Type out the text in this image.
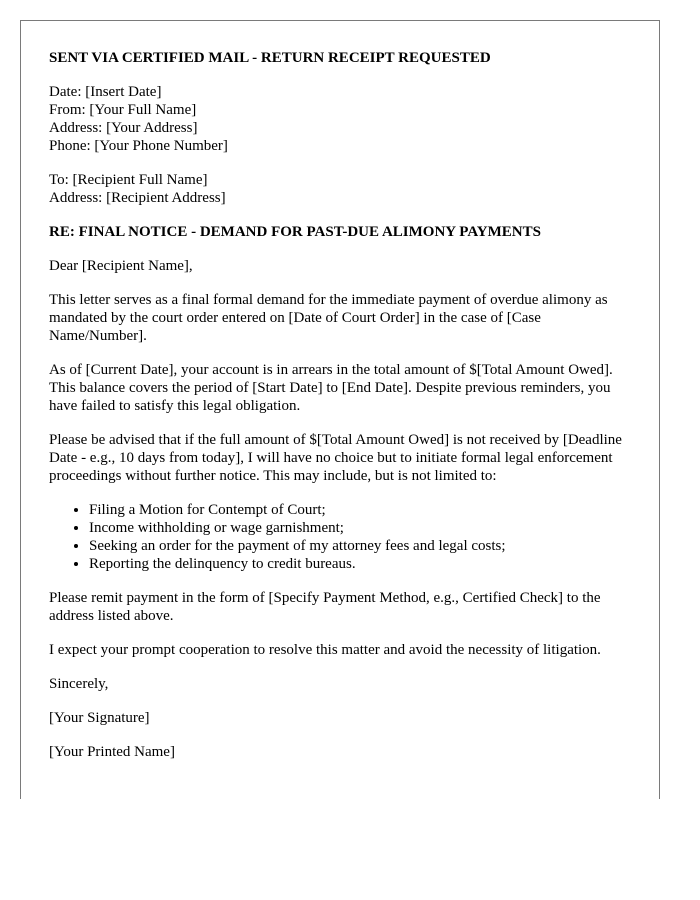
SENT VIA CERTIFIED MAIL - RETURN RECEIPT REQUESTED

Date: [Insert Date]
From: [Your Full Name]
Address: [Your Address]
Phone: [Your Phone Number]

To: [Recipient Full Name]
Address: [Recipient Address]

RE: FINAL NOTICE - DEMAND FOR PAST-DUE ALIMONY PAYMENTS

Dear [Recipient Name],

This letter serves as a final formal demand for the immediate payment of overdue alimony as mandated by the court order entered on [Date of Court Order] in the case of [Case Name/Number].

As of [Current Date], your account is in arrears in the total amount of $[Total Amount Owed]. This balance covers the period of [Start Date] to [End Date]. Despite previous reminders, you have failed to satisfy this legal obligation.

Please be advised that if the full amount of $[Total Amount Owed] is not received by [Deadline Date - e.g., 10 days from today], I will have no choice but to initiate formal legal enforcement proceedings without further notice. This may include, but is not limited to:

• Filing a Motion for Contempt of Court;
• Income withholding or wage garnishment;
• Seeking an order for the payment of my attorney fees and legal costs;
• Reporting the delinquency to credit bureaus.

Please remit payment in the form of [Specify Payment Method, e.g., Certified Check] to the address listed above.

I expect your prompt cooperation to resolve this matter and avoid the necessity of litigation.

Sincerely,

[Your Signature]

[Your Printed Name]
